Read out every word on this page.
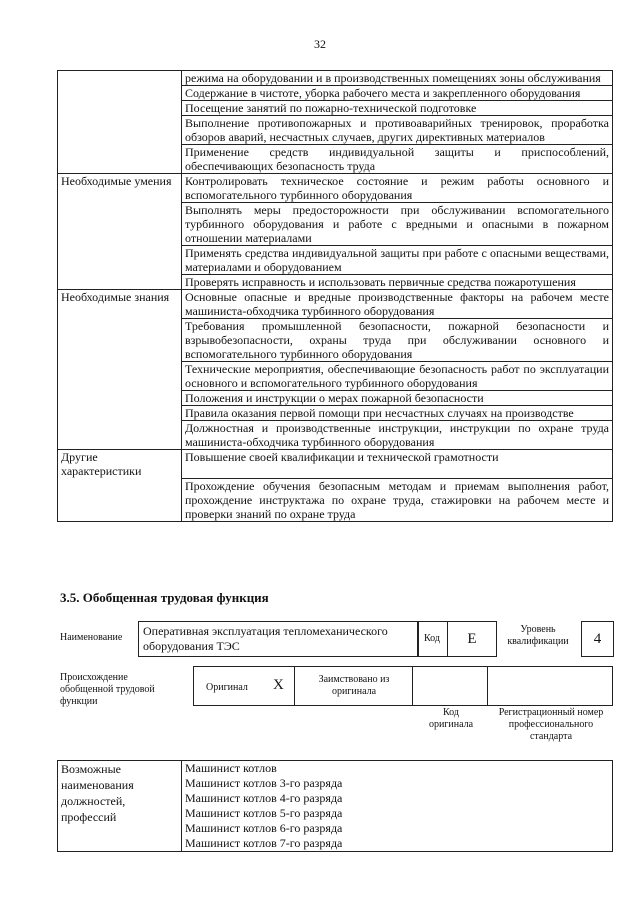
32
	режима на оборудовании и в производственных помещениях зоны обслуживания
	Содержание в чистоте, уборка рабочего места и закрепленного оборудования
	Посещение занятий по пожарно-технической подготовке
	Выполнение противопожарных и противоаварийных тренировок, проработка обзоров аварий, несчастных случаев, других директивных материалов
	Применение средств индивидуальной защиты и приспособлений, обеспечивающих безопасность труда
Необходимые умения	Контролировать техническое состояние и режим работы основного и вспомогательного турбинного оборудования
	Выполнять меры предосторожности при обслуживании вспомогательного турбинного оборудования и работе с вредными и опасными в пожарном отношении материалами
	Применять средства индивидуальной защиты при работе с опасными веществами, материалами и оборудованием
	Проверять исправность и использовать первичные средства пожаротушения
Необходимые знания	Основные опасные и вредные производственные факторы на рабочем месте машиниста-обходчика турбинного оборудования
	Требования промышленной безопасности, пожарной безопасности и взрывобезопасности, охраны труда при обслуживании основного и вспомогательного турбинного оборудования
	Технические мероприятия, обеспечивающие безопасность работ по эксплуатации основного и вспомогательного турбинного оборудования
	Положения и инструкции о мерах пожарной безопасности
	Правила оказания первой помощи при несчастных случаях на производстве
	Должностная и производственные инструкции, инструкции по охране труда машиниста-обходчика турбинного оборудования
Другие характеристики	Повышение своей квалификации и технической грамотности
	Прохождение обучения безопасным методам и приемам выполнения работ, прохождение инструктажа по охране труда, стажировки на рабочем месте и проверки знаний по охране труда
3.5. Обобщенная трудовая функция
Наименование	Оперативная эксплуатация тепломеханического оборудования ТЭС
Код	E
Уровень квалификации	4
Происхождение обобщенной трудовой функции
Оригинал X	Заимствовано из оригинала
Код оригинала
Регистрационный номер профессионального стандарта
Возможные наименования должностей, профессий	Машинист котлов
Машинист котлов 3-го разряда
Машинист котлов 4-го разряда
Машинист котлов 5-го разряда
Машинист котлов 6-го разряда
Машинист котлов 7-го разряда
